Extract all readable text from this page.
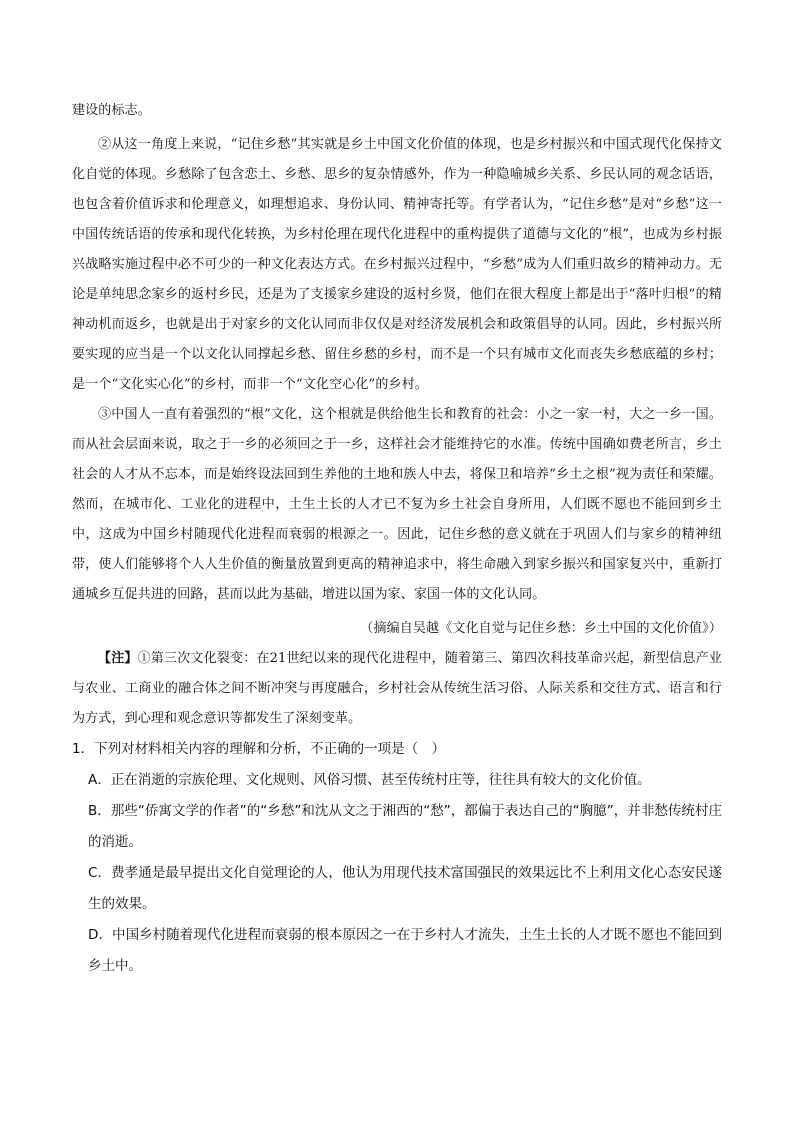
建设的标志。

②从这一角度上来说，“记住乡愁”其实就是乡土中国文化价值的体现，也是乡村振兴和中国式现代化保持文化自觉的体现。乡愁除了包含恋土、乡愁、思乡的复杂情感外，作为一种隐喻城乡关系、乡民认同的观念话语，也包含着价值诉求和伦理意义，如理想追求、身份认同、精神寄托等。有学者认为，“记住乡愁”是对“乡愁”这一中国传统话语的传承和现代化转换，为乡村伦理在现代化进程中的重构提供了道德与文化的“根”，也成为乡村振兴战略实施过程中必不可少的一种文化表达方式。在乡村振兴过程中，“乡愁”成为人们重归故乡的精神动力。无论是单纯思念家乡的返村乡民，还是为了支援家乡建设的返村乡贤，他们在很大程度上都是出于“落叶归根”的精神动机而返乡，也就是出于对家乡的文化认同而非仅仅是对经济发展机会和政策倡导的认同。因此，乡村振兴所要实现的应当是一个以文化认同撑起乡愁、留住乡愁的乡村，而不是一个只有城市文化而丧失乡愁底蕴的乡村；是一个“文化实心化”的乡村，而非一个“文化空心化”的乡村。

③中国人一直有着强烈的“根”文化，这个根就是供给他生长和教育的社会：小之一家一村，大之一乡一国。而从社会层面来说，取之于一乡的必须回之于一乡，这样社会才能维持它的水准。传统中国确如费老所言，乡土社会的人才从不忘本，而是始终设法回到生养他的土地和族人中去，将保卫和培养“乡土之根”视为责任和荣耀。然而，在城市化、工业化的进程中，土生土长的人才已不复为乡土社会自身所用，人们既不愿也不能回到乡土中，这成为中国乡村随现代化进程而衰弱的根源之一。因此，记住乡愁的意义就在于巩固人们与家乡的精神纽带，使人们能够将个人人生价值的衡量放置到更高的精神追求中，将生命融入到家乡振兴和国家复兴中，重新打通城乡互促共进的回路，甚而以此为基础，增进以国为家、家国一体的文化认同。

（摘编自吴越《文化自觉与记住乡愁：乡土中国的文化价值》）

【注】①第三次文化裂变：在21世纪以来的现代化进程中，随着第三、第四次科技革命兴起，新型信息产业与农业、工商业的融合体之间不断冲突与再度融合，乡村社会从传统生活习俗、人际关系和交往方式、语言和行为方式，到心理和观念意识等都发生了深刻变革。

1．下列对材料相关内容的理解和分析，不正确的一项是（　）

A．正在消逝的宗族伦理、文化规则、风俗习惯、甚至传统村庄等，往往具有较大的文化价值。

B．那些“侨寓文学的作者”的“乡愁”和沈从文之于湘西的“愁”，都偏于表达自己的“胸臆”，并非愁传统村庄的消逝。

C．费孝通是最早提出文化自觉理论的人，他认为用现代技术富国强民的效果远比不上利用文化心态安民遂生的效果。

D．中国乡村随着现代化进程而衰弱的根本原因之一在于乡村人才流失，土生土长的人才既不愿也不能回到乡土中。
